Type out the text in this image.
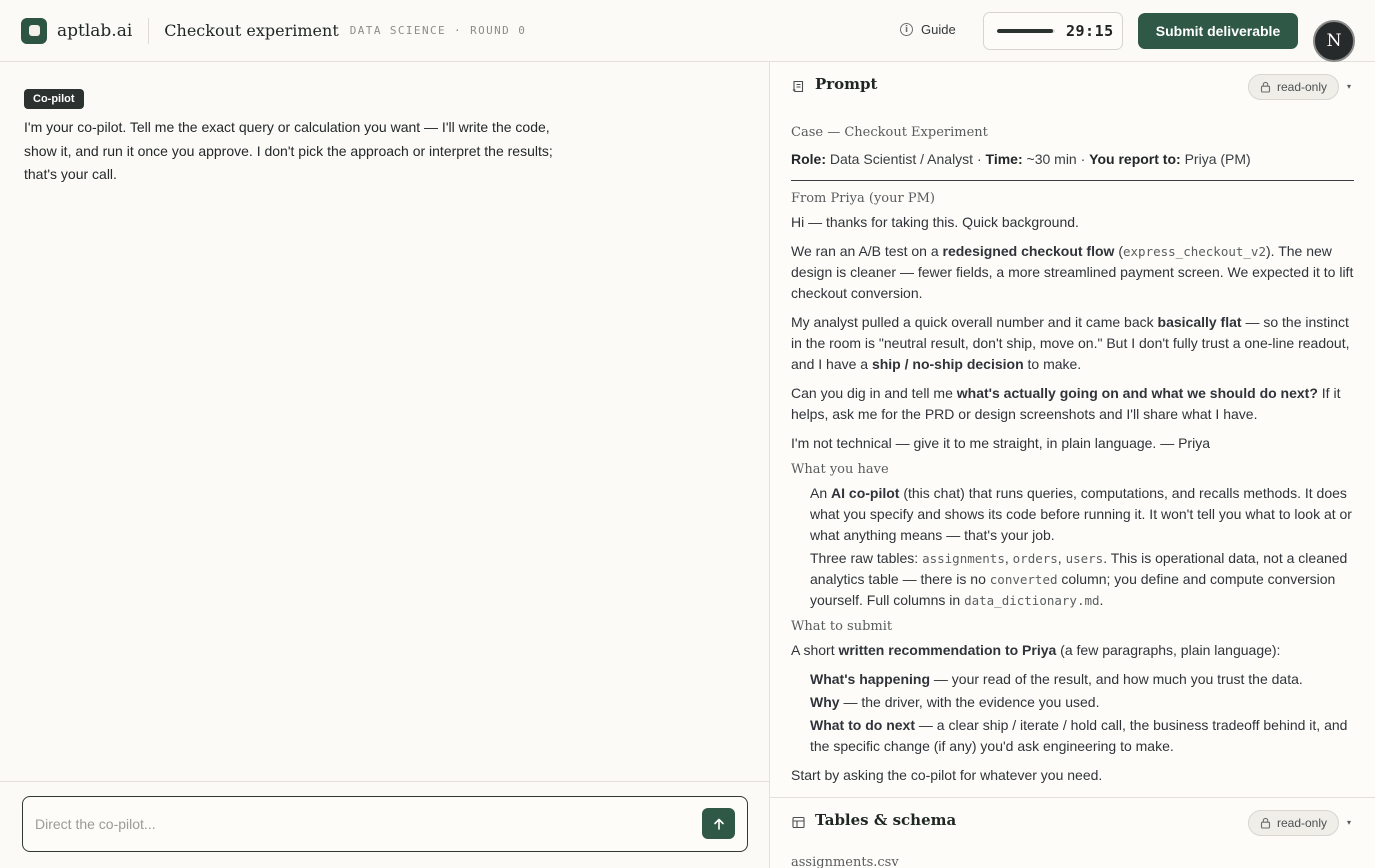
aptlab.ai Checkout experiment DATA SCIENCE · ROUND 0	i Guide	29:15	Submit deliverable	N
Co-pilot
I'm your co-pilot. Tell me the exact query or calculation you want — I'll write the code, show it, and run it once you approve. I don't pick the approach or interpret the results; that's your call.
Direct the co-pilot...
Prompt	read-only ▾
Case — Checkout Experiment
Role: Data Scientist / Analyst · Time: ~30 min · You report to: Priya (PM)
From Priya (your PM)
Hi — thanks for taking this. Quick background.
We ran an A/B test on a redesigned checkout flow (express_checkout_v2). The new design is cleaner — fewer fields, a more streamlined payment screen. We expected it to lift checkout conversion.
My analyst pulled a quick overall number and it came back basically flat — so the instinct in the room is "neutral result, don't ship, move on." But I don't fully trust a one-line readout, and I have a ship / no-ship decision to make.
Can you dig in and tell me what's actually going on and what we should do next? If it helps, ask me for the PRD or design screenshots and I'll share what I have.
I'm not technical — give it to me straight, in plain language. — Priya
What you have
An AI co-pilot (this chat) that runs queries, computations, and recalls methods. It does what you specify and shows its code before running it. It won't tell you what to look at or what anything means — that's your job.
Three raw tables: assignments, orders, users. This is operational data, not a cleaned analytics table — there is no converted column; you define and compute conversion yourself. Full columns in data_dictionary.md.
What to submit
A short written recommendation to Priya (a few paragraphs, plain language):
What's happening — your read of the result, and how much you trust the data.
Why — the driver, with the evidence you used.
What to do next — a clear ship / iterate / hold call, the business tradeoff behind it, and the specific change (if any) you'd ask engineering to make.
Start by asking the co-pilot for whatever you need.
Tables & schema	read-only ▾
assignments.csv
